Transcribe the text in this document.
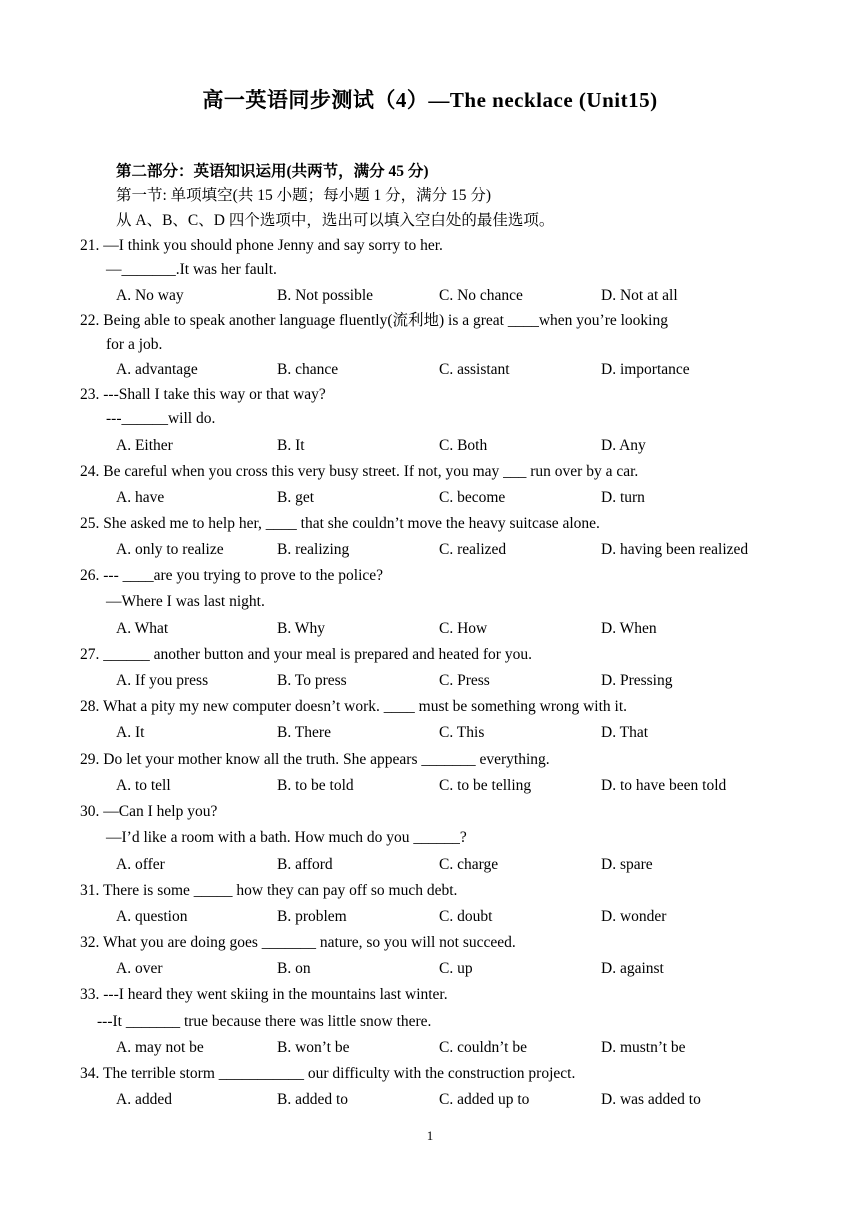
高一英语同步测试（4）—The necklace (Unit15)
第二部分：英语知识运用(共两节，满分 45 分)
第一节: 单项填空(共 15 小题；每小题 1 分，满分 15 分)
从 A、B、C、D 四个选项中，选出可以填入空白处的最佳选项。
21. —I think you should phone Jenny and say sorry to her.
—_______.It was her fault.
A. No way	B. Not possible	C. No chance	D. Not at all
22. Being able to speak another language fluently(流利地) is a great ____when you’re looking
for a job.
A. advantage	B. chance	C. assistant	D. importance
23. ---Shall I take this way or that way?
---______will do.
A. Either	B. It	C. Both	D. Any
24. Be careful when you cross this very busy street. If not, you may ___ run over by a car.
A. have	B. get	C. become	D. turn
25. She asked me to help her, ____ that she couldn’t move the heavy suitcase alone.
A. only to realize	B. realizing	C. realized	D. having been realized
26. --- ____are you trying to prove to the police?
—Where I was last night.
A. What	B. Why	C. How	D. When
27. ______ another button and your meal is prepared and heated for you.
A. If you press	B. To press	C. Press	D. Pressing
28. What a pity my new computer doesn’t work. ____ must be something wrong with it.
A. It	B. There	C. This	D. That
29. Do let your mother know all the truth. She appears _______ everything.
A. to tell	B. to be told	C. to be telling	D. to have been told
30. —Can I help you?
—I’d like a room with a bath. How much do you ______?
A. offer	B. afford	C. charge	D. spare
31. There is some _____ how they can pay off so much debt.
A. question	B. problem	C. doubt	D. wonder
32. What you are doing goes _______ nature, so you will not succeed.
A. over	B. on	C. up	D. against
33. ---I heard they went skiing in the mountains last winter.
---It _______ true because there was little snow there.
A. may not be	B. won’t be	C. couldn’t be	D. mustn’t be
34. The terrible storm ___________ our difficulty with the construction project.
A. added	B. added to	C. added up to	D. was added to
1
